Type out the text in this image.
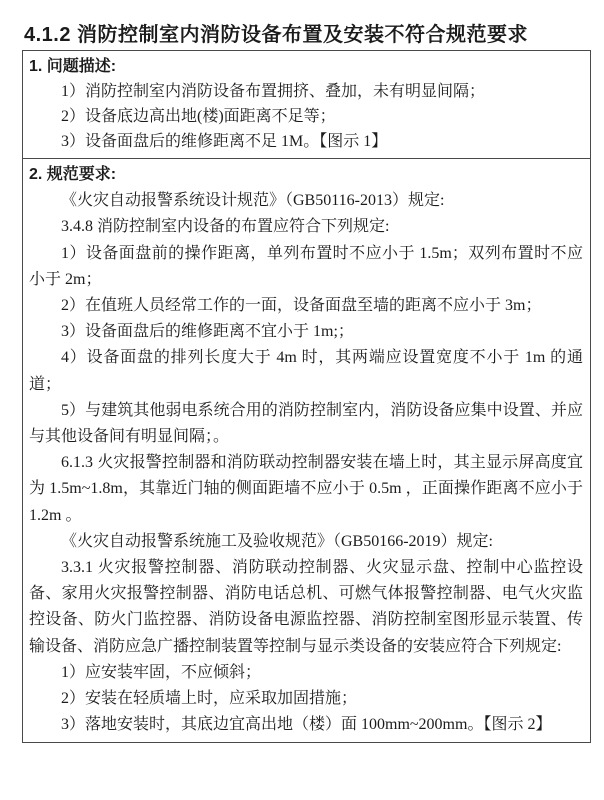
4.1.2 消防控制室内消防设备布置及安装不符合规范要求
1. 问题描述:

1）消防控制室内消防设备布置拥挤、叠加，未有明显间隔；

2）设备底边高出地(楼)面距离不足等；

3）设备面盘后的维修距离不足 1M。【图示 1】

2. 规范要求:

《火灾自动报警系统设计规范》（GB50116-2013）规定:

3.4.8 消防控制室内设备的布置应符合下列规定:

1）设备面盘前的操作距离，单列布置时不应小于 1.5m；双列布置时不应小于 2m；

2）在值班人员经常工作的一面，设备面盘至墙的距离不应小于 3m；

3）设备面盘后的维修距离不宜小于 1m;；

4）设备面盘的排列长度大于 4m 时，其两端应设置宽度不小于 1m 的通道；

5）与建筑其他弱电系统合用的消防控制室内，消防设备应集中设置、并应与其他设备间有明显间隔；。

6.1.3 火灾报警控制器和消防联动控制器安装在墙上时，其主显示屏高度宜为 1.5m~1.8m，其靠近门轴的侧面距墙不应小于 0.5m ，正面操作距离不应小于 1.2m 。

《火灾自动报警系统施工及验收规范》（GB50166-2019）规定:

3.3.1 火灾报警控制器、消防联动控制器、火灾显示盘、控制中心监控设备、家用火灾报警控制器、消防电话总机、可燃气体报警控制器、电气火灾监控设备、防火门监控器、消防设备电源监控器、消防控制室图形显示装置、传输设备、消防应急广播控制装置等控制与显示类设备的安装应符合下列规定:

1）应安装牢固，不应倾斜；

2）安装在轻质墙上时，应采取加固措施；

3）落地安装时，其底边宜高出地（楼）面 100mm~200mm。【图示 2】
